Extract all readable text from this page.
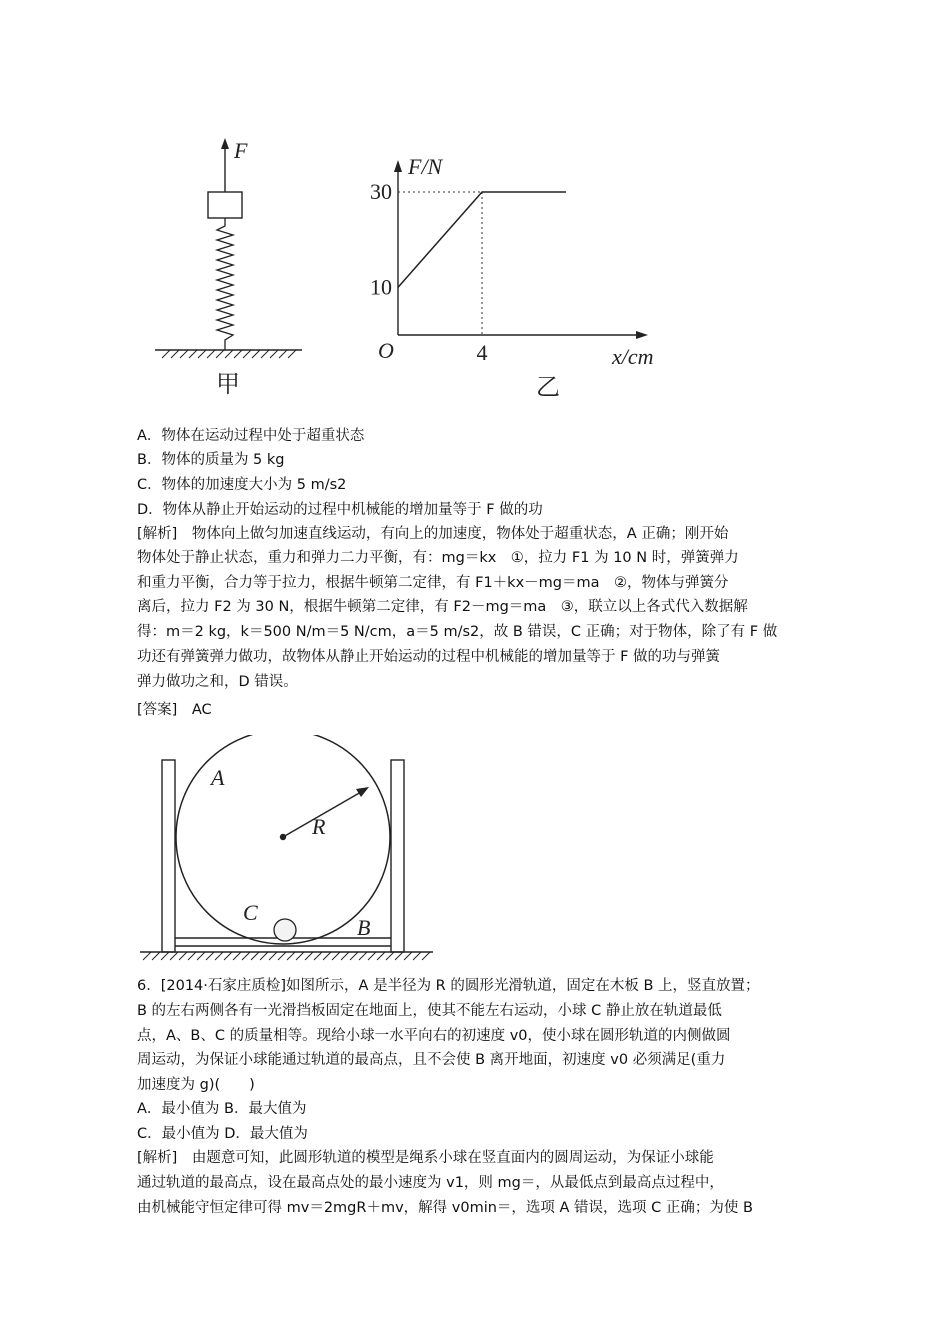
F
甲
F/N
30
10
O	4	x/cm
乙
A．物体在运动过程中处于超重状态
B．物体的质量为 5 kg
C．物体的加速度大小为 5 m/s2
D．物体从静止开始运动的过程中机械能的增加量等于 F 做的功
[解析]　物体向上做匀加速直线运动，有向上的加速度，物体处于超重状态，A 正确；刚开始
物体处于静止状态，重力和弹力二力平衡，有：mg＝kx　①，拉力 F1 为 10 N 时，弹簧弹力
和重力平衡，合力等于拉力，根据牛顿第二定律，有 F1＋kx－mg＝ma　②，物体与弹簧分
离后，拉力 F2 为 30 N，根据牛顿第二定律，有 F2－mg＝ma　③，联立以上各式代入数据解
得：m＝2 kg，k＝500 N/m＝5 N/cm，a＝5 m/s2，故 B 错误，C 正确；对于物体，除了有 F 做
功还有弹簧弹力做功，故物体从静止开始运动的过程中机械能的增加量等于 F 做的功与弹簧
弹力做功之和，D 错误。
[答案]　AC
A
R
C
B
6．[2014·石家庄质检]如图所示，A 是半径为 R 的圆形光滑轨道，固定在木板 B 上，竖直放置；
B 的左右两侧各有一光滑挡板固定在地面上，使其不能左右运动，小球 C 静止放在轨道最低
点，A、B、C 的质量相等。现给小球一水平向右的初速度 v0，使小球在圆形轨道的内侧做圆
周运动，为保证小球能通过轨道的最高点，且不会使 B 离开地面，初速度 v0 必须满足(重力
加速度为 g)(　　)
A．最小值为 B．最大值为
C．最小值为 D．最大值为
[解析]　由题意可知，此圆形轨道的模型是绳系小球在竖直面内的圆周运动，为保证小球能
通过轨道的最高点，设在最高点处的最小速度为 v1，则 mg＝，从最低点到最高点过程中，
由机械能守恒定律可得 mv＝2mgR＋mv，解得 v0min＝，选项 A 错误，选项 C 正确；为使 B
